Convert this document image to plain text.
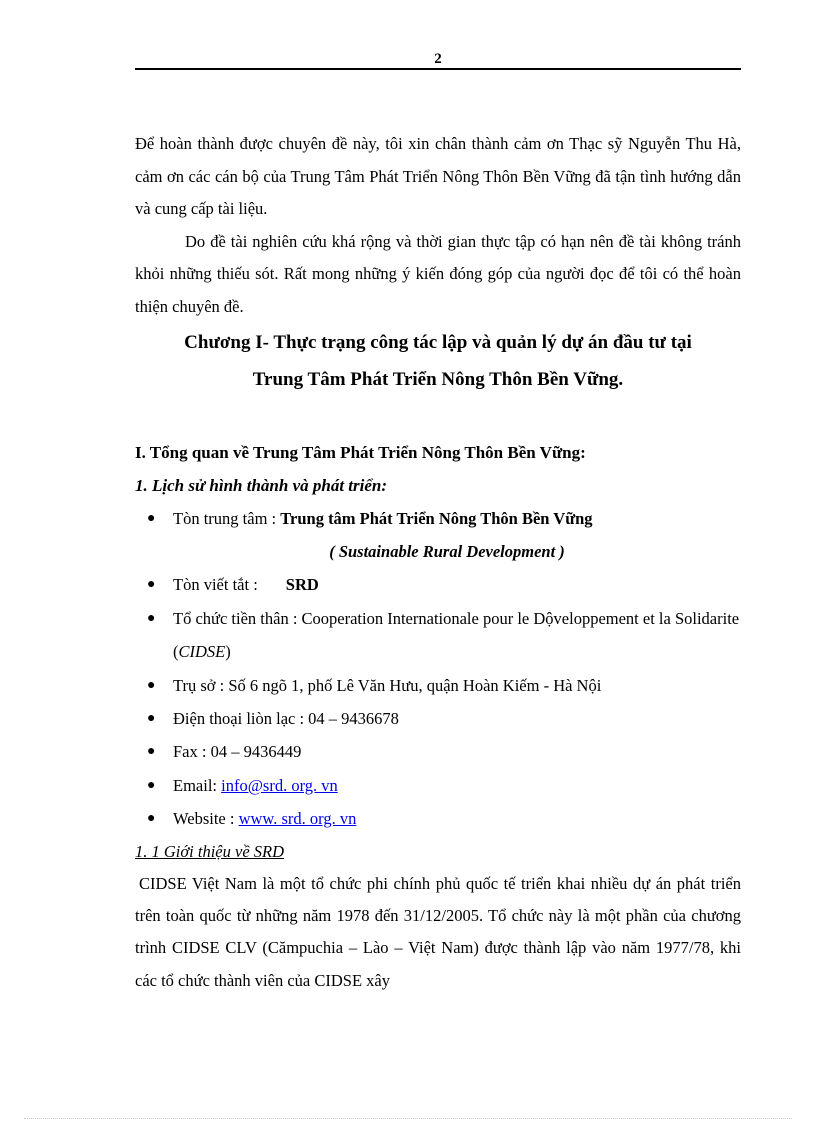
2

Để hoàn thành được chuyên đề này, tôi xin chân thành cảm ơn Thạc sỹ Nguyễn Thu Hà, cảm ơn các cán bộ của Trung Tâm Phát Triển Nông Thôn Bền Vững đã tận tình hướng dẫn và cung cấp tài liệu.

Do đề tài nghiên cứu khá rộng và thời gian thực tập có hạn nên đề tài không tránh khỏi những thiếu sót. Rất mong những ý kiến đóng góp của người đọc để tôi có thể hoàn thiện chuyên đề.

Chương I- Thực trạng công tác lập và quản lý dự án đầu tư tại

Trung Tâm Phát Triển Nông Thôn Bền Vững.

I. Tổng quan về Trung Tâm Phát Triển Nông Thôn Bền Vững:

1. Lịch sử hình thành và phát triển:

● Tòn trung tâm : Trung tâm Phát Triển Nông Thôn Bền Vững
( Sustainable Rural Development )
● Tòn viết tắt : SRD
● Tổ chức tiền thân : Cooperation Internationale pour le Dộveloppement et la Solidarite (CIDSE)
● Trụ sở : Số 6 ngõ 1, phố Lê Văn Hưu, quận Hoàn Kiếm - Hà Nội
● Điện thoại liòn lạc : 04 – 9436678
● Fax : 04 – 9436449
● Email: info@srd. org. vn
● Website : www. srd. org. vn

1. 1 Giới thiệu về SRD

CIDSE Việt Nam là một tổ chức phi chính phủ quốc tế triển khai nhiều dự án phát triển trên toàn quốc từ những năm 1978 đến 31/12/2005. Tổ chức này là một phần của chương trình CIDSE CLV (Cămpuchia – Lào – Việt Nam) được thành lập vào năm 1977/78, khi các tổ chức thành viên của CIDSE xây
